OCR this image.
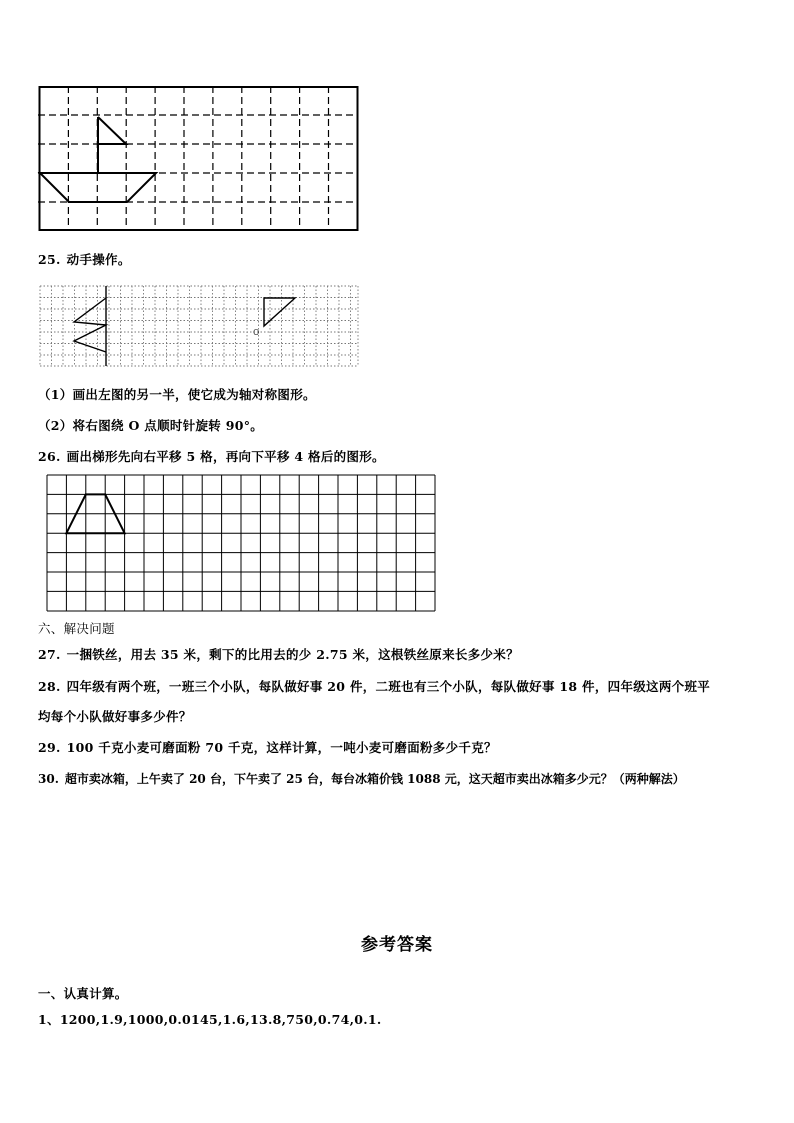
25. 动手操作。
O
（1）画出左图的另一半，使它成为轴对称图形。
（2）将右图绕 O 点顺时针旋转 90°。
26. 画出梯形先向右平移 5 格，再向下平移 4 格后的图形。
六、解决问题
27. 一捆铁丝，用去 35 米，剩下的比用去的少 2.75 米，这根铁丝原来长多少米？
28. 四年级有两个班，一班三个小队，每队做好事 20 件，二班也有三个小队，每队做好事 18 件，四年级这两个班平
均每个小队做好事多少件？
29. 100 千克小麦可磨面粉 70 千克，这样计算，一吨小麦可磨面粉多少千克？
30. 超市卖冰箱，上午卖了 20 台，下午卖了 25 台，每台冰箱价钱 1088 元，这天超市卖出冰箱多少元？（两种解法）
参考答案
一、认真计算。
1、1200,1.9,1000,0.0145,1.6,13.8,750,0.74,0.1.
